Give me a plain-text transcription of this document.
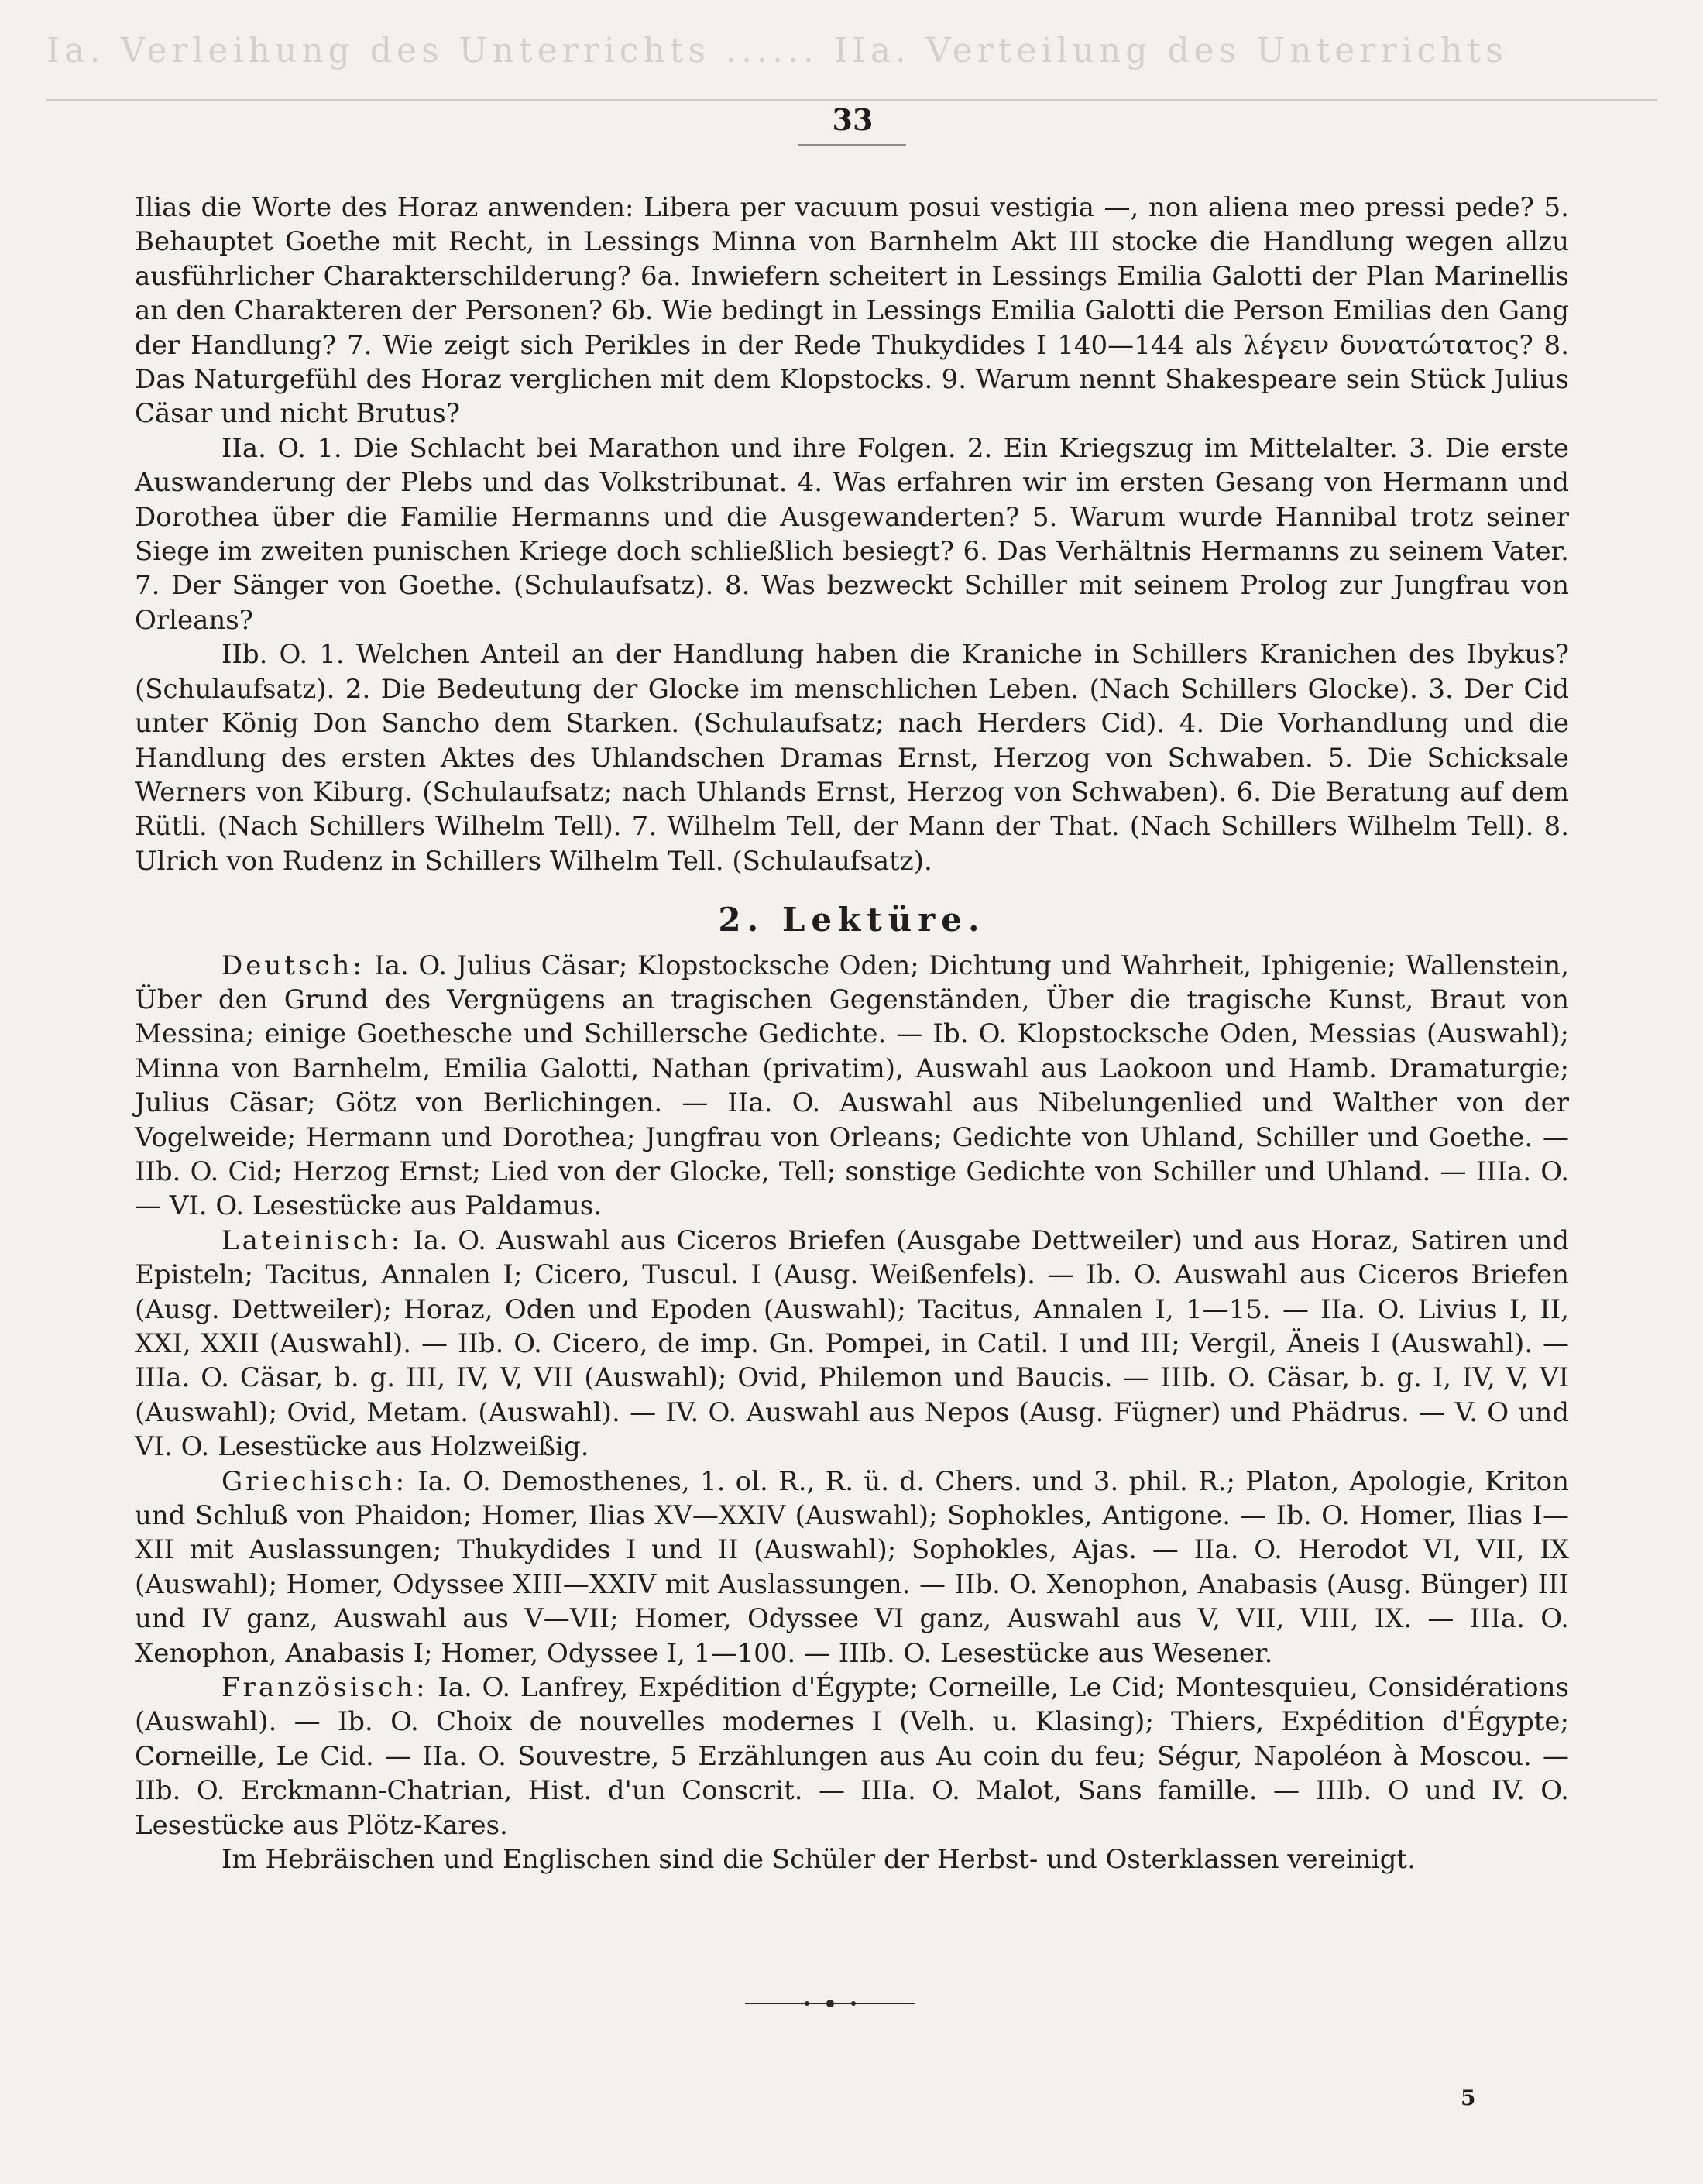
Ia. Verleihung des Unterrichts ...... IIa. Verteilung des Unterrichts
33

Ilias die Worte des Horaz anwenden: Libera per vacuum posui vestigia —, non aliena meo pressi pede? 5. Behauptet Goethe mit Recht, in Lessings Minna von Barnhelm Akt III stocke die Handlung wegen allzu ausführlicher Charakterschilderung? 6a. Inwiefern scheitert in Lessings Emilia Galotti der Plan Marinellis an den Charakteren der Personen? 6b. Wie bedingt in Lessings Emilia Galotti die Person Emilias den Gang der Handlung? 7. Wie zeigt sich Perikles in der Rede Thukydides I 140—144 als λέγειν δυνατώτατος? 8. Das Naturgefühl des Horaz verglichen mit dem Klopstocks. 9. Warum nennt Shakespeare sein Stück Julius Cäsar und nicht Brutus?

IIa. O. 1. Die Schlacht bei Marathon und ihre Folgen. 2. Ein Kriegszug im Mittelalter. 3. Die erste Auswanderung der Plebs und das Volkstribunat. 4. Was erfahren wir im ersten Gesang von Hermann und Dorothea über die Familie Hermanns und die Ausgewanderten? 5. Warum wurde Hannibal trotz seiner Siege im zweiten punischen Kriege doch schließlich besiegt? 6. Das Verhältnis Hermanns zu seinem Vater. 7. Der Sänger von Goethe. (Schulaufsatz). 8. Was bezweckt Schiller mit seinem Prolog zur Jungfrau von Orleans?

IIb. O. 1. Welchen Anteil an der Handlung haben die Kraniche in Schillers Kranichen des Ibykus? (Schulaufsatz). 2. Die Bedeutung der Glocke im menschlichen Leben. (Nach Schillers Glocke). 3. Der Cid unter König Don Sancho dem Starken. (Schulaufsatz; nach Herders Cid). 4. Die Vorhandlung und die Handlung des ersten Aktes des Uhlandschen Dramas Ernst, Herzog von Schwaben. 5. Die Schicksale Werners von Kiburg. (Schulaufsatz; nach Uhlands Ernst, Herzog von Schwaben). 6. Die Beratung auf dem Rütli. (Nach Schillers Wilhelm Tell). 7. Wilhelm Tell, der Mann der That. (Nach Schillers Wilhelm Tell). 8. Ulrich von Rudenz in Schillers Wilhelm Tell. (Schulaufsatz).

2. Lektüre.

Deutsch: Ia. O. Julius Cäsar; Klopstocksche Oden; Dichtung und Wahrheit, Iphigenie; Wallenstein, Über den Grund des Vergnügens an tragischen Gegenständen, Über die tragische Kunst, Braut von Messina; einige Goethesche und Schillersche Gedichte. — Ib. O. Klopstocksche Oden, Messias (Auswahl); Minna von Barnhelm, Emilia Galotti, Nathan (privatim), Auswahl aus Laokoon und Hamb. Dramaturgie; Julius Cäsar; Götz von Berlichingen. — IIa. O. Auswahl aus Nibelungenlied und Walther von der Vogelweide; Hermann und Dorothea; Jungfrau von Orleans; Gedichte von Uhland, Schiller und Goethe. — IIb. O. Cid; Herzog Ernst; Lied von der Glocke, Tell; sonstige Gedichte von Schiller und Uhland. — IIIa. O. — VI. O. Lesestücke aus Paldamus.

Lateinisch: Ia. O. Auswahl aus Ciceros Briefen (Ausgabe Dettweiler) und aus Horaz, Satiren und Episteln; Tacitus, Annalen I; Cicero, Tuscul. I (Ausg. Weißenfels). — Ib. O. Auswahl aus Ciceros Briefen (Ausg. Dettweiler); Horaz, Oden und Epoden (Auswahl); Tacitus, Annalen I, 1—15. — IIa. O. Livius I, II, XXI, XXII (Auswahl). — IIb. O. Cicero, de imp. Gn. Pompei, in Catil. I und III; Vergil, Äneis I (Auswahl). — IIIa. O. Cäsar, b. g. III, IV, V, VII (Auswahl); Ovid, Philemon und Baucis. — IIIb. O. Cäsar, b. g. I, IV, V, VI (Auswahl); Ovid, Metam. (Auswahl). — IV. O. Auswahl aus Nepos (Ausg. Fügner) und Phädrus. — V. O und VI. O. Lesestücke aus Holzweißig.

Griechisch: Ia. O. Demosthenes, 1. ol. R., R. ü. d. Chers. und 3. phil. R.; Platon, Apologie, Kriton und Schluß von Phaidon; Homer, Ilias XV—XXIV (Auswahl); Sophokles, Antigone. — Ib. O. Homer, Ilias I—XII mit Auslassungen; Thukydides I und II (Auswahl); Sophokles, Ajas. — IIa. O. Herodot VI, VII, IX (Auswahl); Homer, Odyssee XIII—XXIV mit Auslassungen. — IIb. O. Xenophon, Anabasis (Ausg. Bünger) III und IV ganz, Auswahl aus V—VII; Homer, Odyssee VI ganz, Auswahl aus V, VII, VIII, IX. — IIIa. O. Xenophon, Anabasis I; Homer, Odyssee I, 1—100. — IIIb. O. Lesestücke aus Wesener.

Französisch: Ia. O. Lanfrey, Expédition d'Égypte; Corneille, Le Cid; Montesquieu, Considérations (Auswahl). — Ib. O. Choix de nouvelles modernes I (Velh. u. Klasing); Thiers, Expédition d'Égypte; Corneille, Le Cid. — IIa. O. Souvestre, 5 Erzählungen aus Au coin du feu; Ségur, Napoléon à Moscou. — IIb. O. Erckmann-Chatrian, Hist. d'un Conscrit. — IIIa. O. Malot, Sans famille. — IIIb. O und IV. O. Lesestücke aus Plötz-Kares.

Im Hebräischen und Englischen sind die Schüler der Herbst- und Osterklassen vereinigt.

5
